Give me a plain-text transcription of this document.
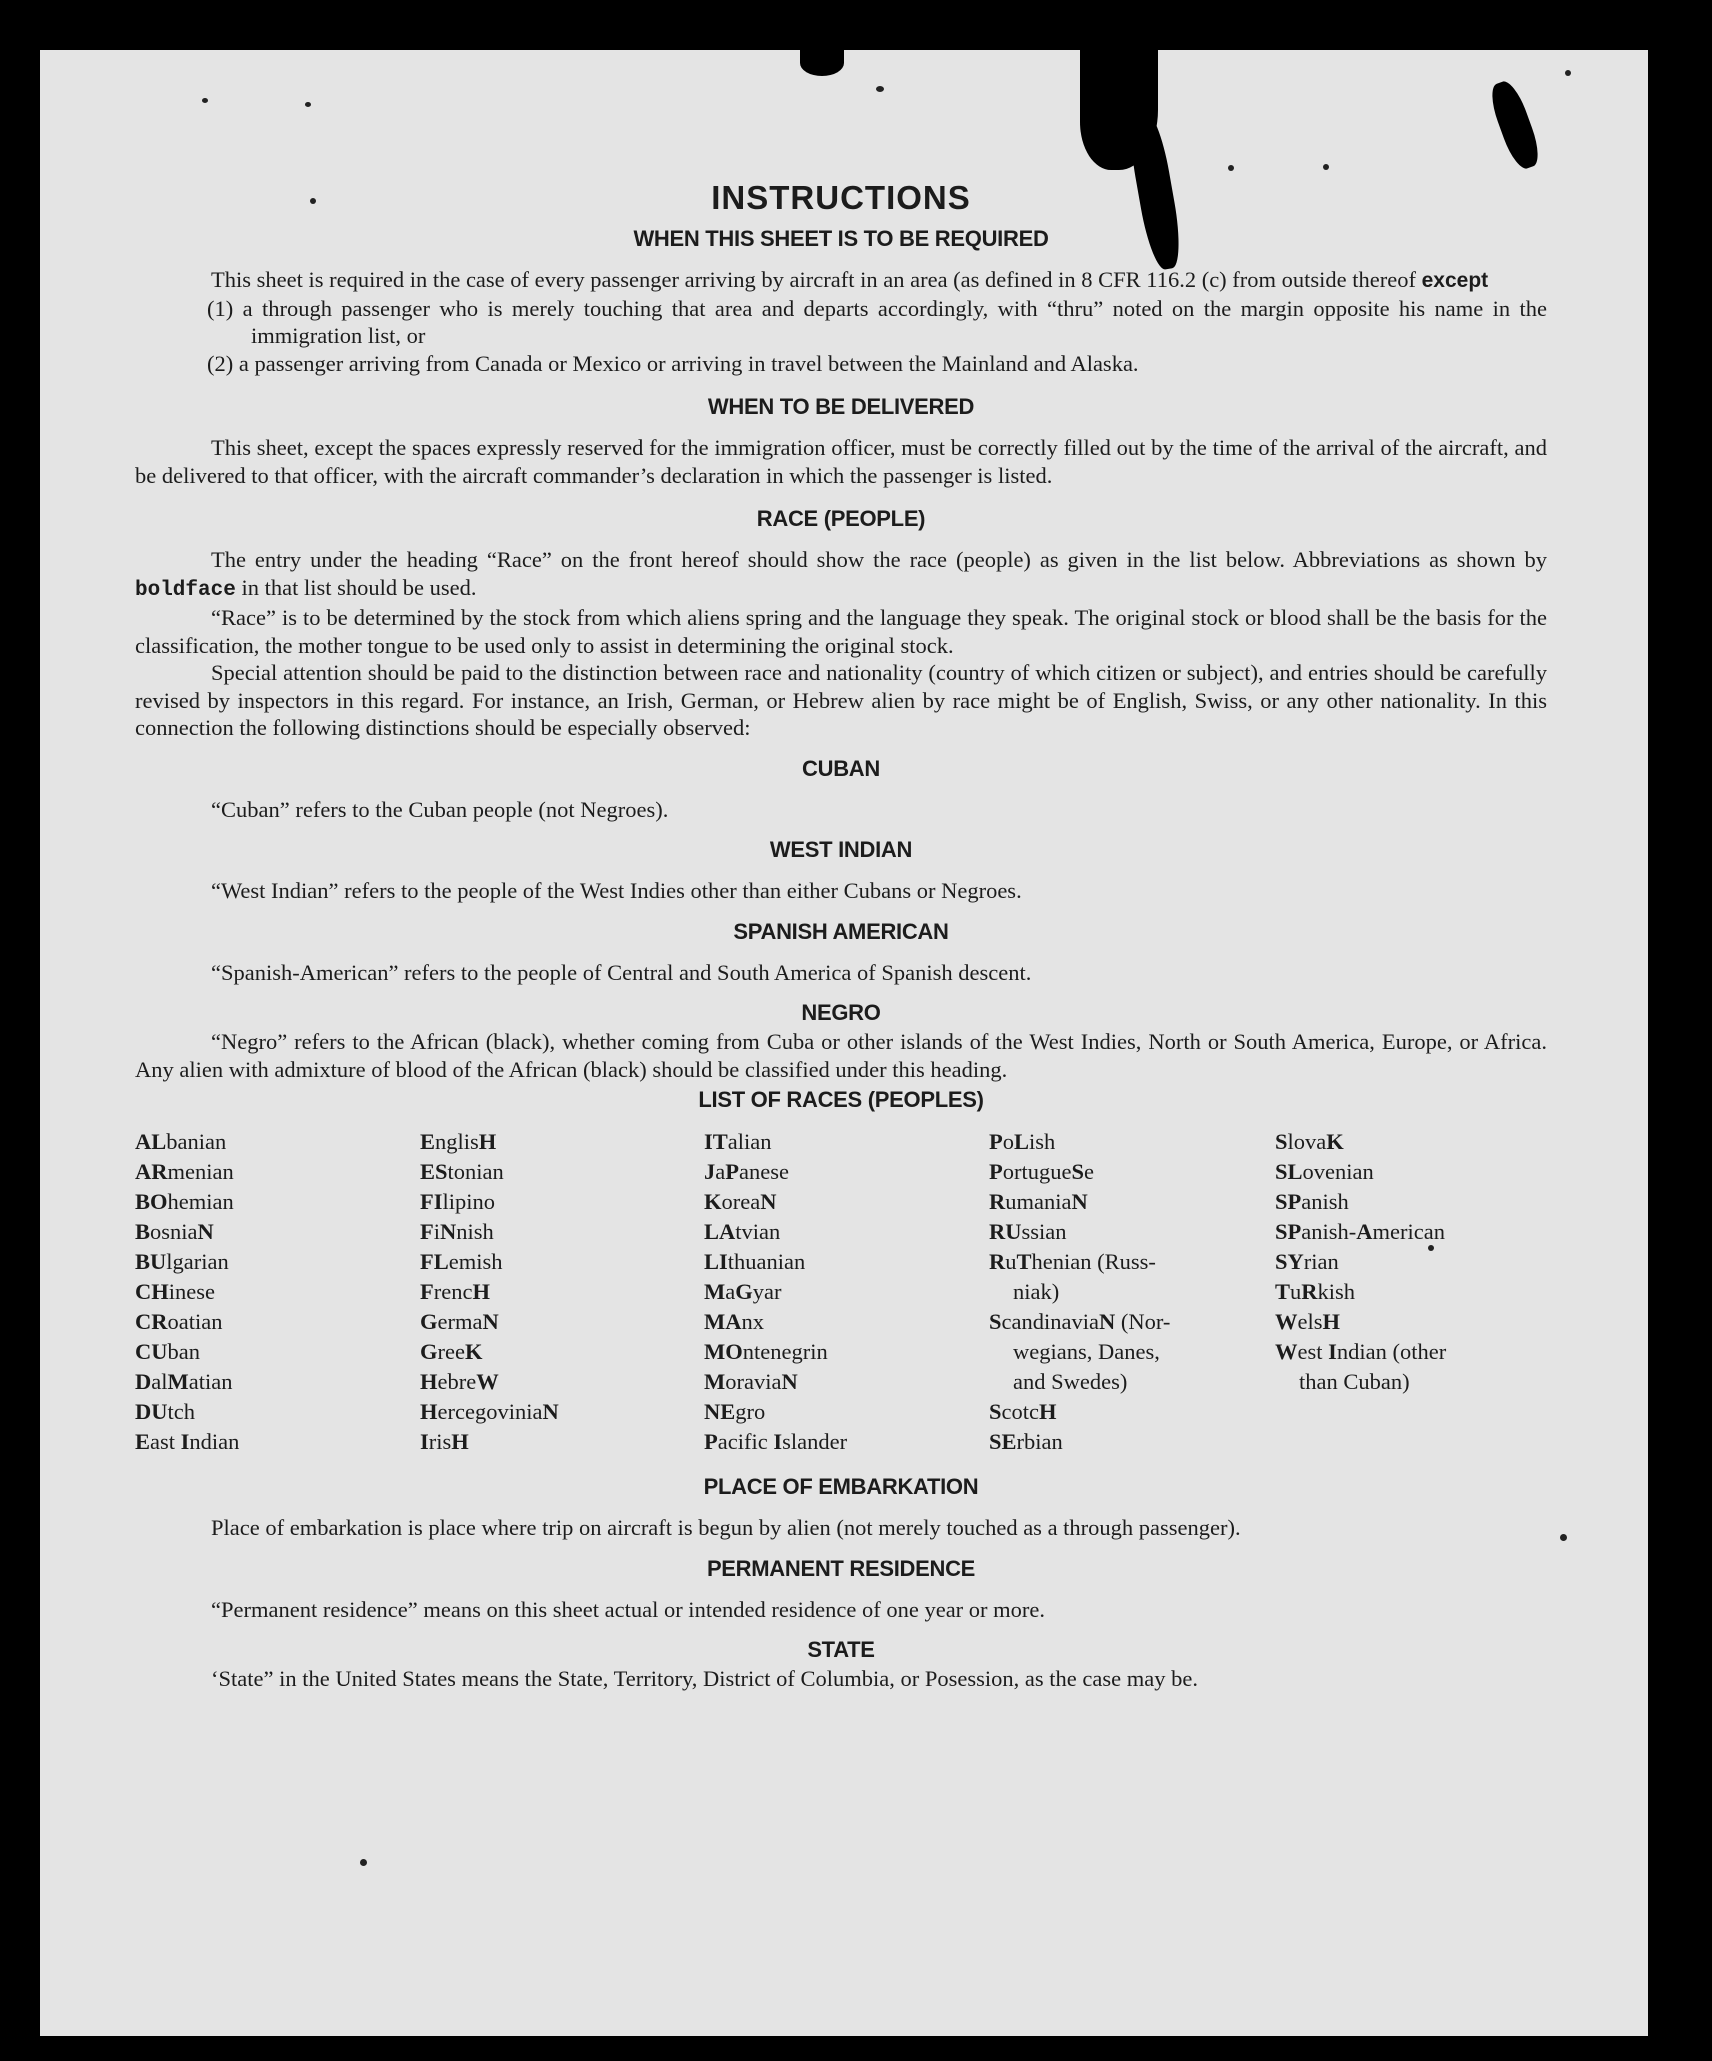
INSTRUCTIONS
WHEN THIS SHEET IS TO BE REQUIRED

This sheet is required in the case of every passenger arriving by aircraft in an area (as defined in 8 CFR 116.2 (c) from outside thereof except

(1) a through passenger who is merely touching that area and departs accordingly, with “thru” noted on the margin opposite his name in the immigration list, or

(2) a passenger arriving from Canada or Mexico or arriving in travel between the Mainland and Alaska.

WHEN TO BE DELIVERED

This sheet, except the spaces expressly reserved for the immigration officer, must be correctly filled out by the time of the arrival of the aircraft, and be delivered to that officer, with the aircraft commander’s declaration in which the passenger is listed.

RACE (PEOPLE)

The entry under the heading “Race” on the front hereof should show the race (people) as given in the list below. Abbreviations as shown by boldface in that list should be used.

“Race” is to be determined by the stock from which aliens spring and the language they speak. The original stock or blood shall be the basis for the classification, the mother tongue to be used only to assist in determining the original stock.

Special attention should be paid to the distinction between race and nationality (country of which citizen or subject), and entries should be carefully revised by inspectors in this regard. For instance, an Irish, German, or Hebrew alien by race might be of English, Swiss, or any other nationality. In this connection the following distinctions should be especially observed:

CUBAN

“Cuban” refers to the Cuban people (not Negroes).

WEST INDIAN

“West Indian” refers to the people of the West Indies other than either Cubans or Negroes.

SPANISH AMERICAN

“Spanish-American” refers to the people of Central and South America of Spanish descent.

NEGRO

“Negro” refers to the African (black), whether coming from Cuba or other islands of the West Indies, North or South America, Europe, or Africa. Any alien with admixture of blood of the African (black) should be classified under this heading.

LIST OF RACES (PEOPLES)
ALbanian
ARmenian
BOhemian
BosniaN
BUlgarian
CHinese
CRoatian
CUban
DalMatian
DUtch
East Indian
EnglisH
EStonian
FIlipino
FiNnish
FLemish
FrencH
GermaN
GreeK
HebreW
HercegoviniaN
IrisH
ITalian
JaPanese
KoreaN
LAtvian
LIthuanian
MaGyar
MAnx
MOntenegrin
MoraviaN
NEgro
Pacific Islander
PoLish
PortugueSe
RumaniaN
RUssian
RuThenian (Russ-
niak)
ScandinaviaN (Nor-
wegians, Danes,
and Swedes)
ScotcH
SErbian
SlovaK
SLovenian
SPanish
SPanish-American
SYrian
TuRkish
WelsH
West Indian (other
than Cuban)
PLACE OF EMBARKATION

Place of embarkation is place where trip on aircraft is begun by alien (not merely touched as a through passenger).

PERMANENT RESIDENCE

“Permanent residence” means on this sheet actual or intended residence of one year or more.

STATE

‘State” in the United States means the State, Territory, District of Columbia, or Posession, as the case may be.
